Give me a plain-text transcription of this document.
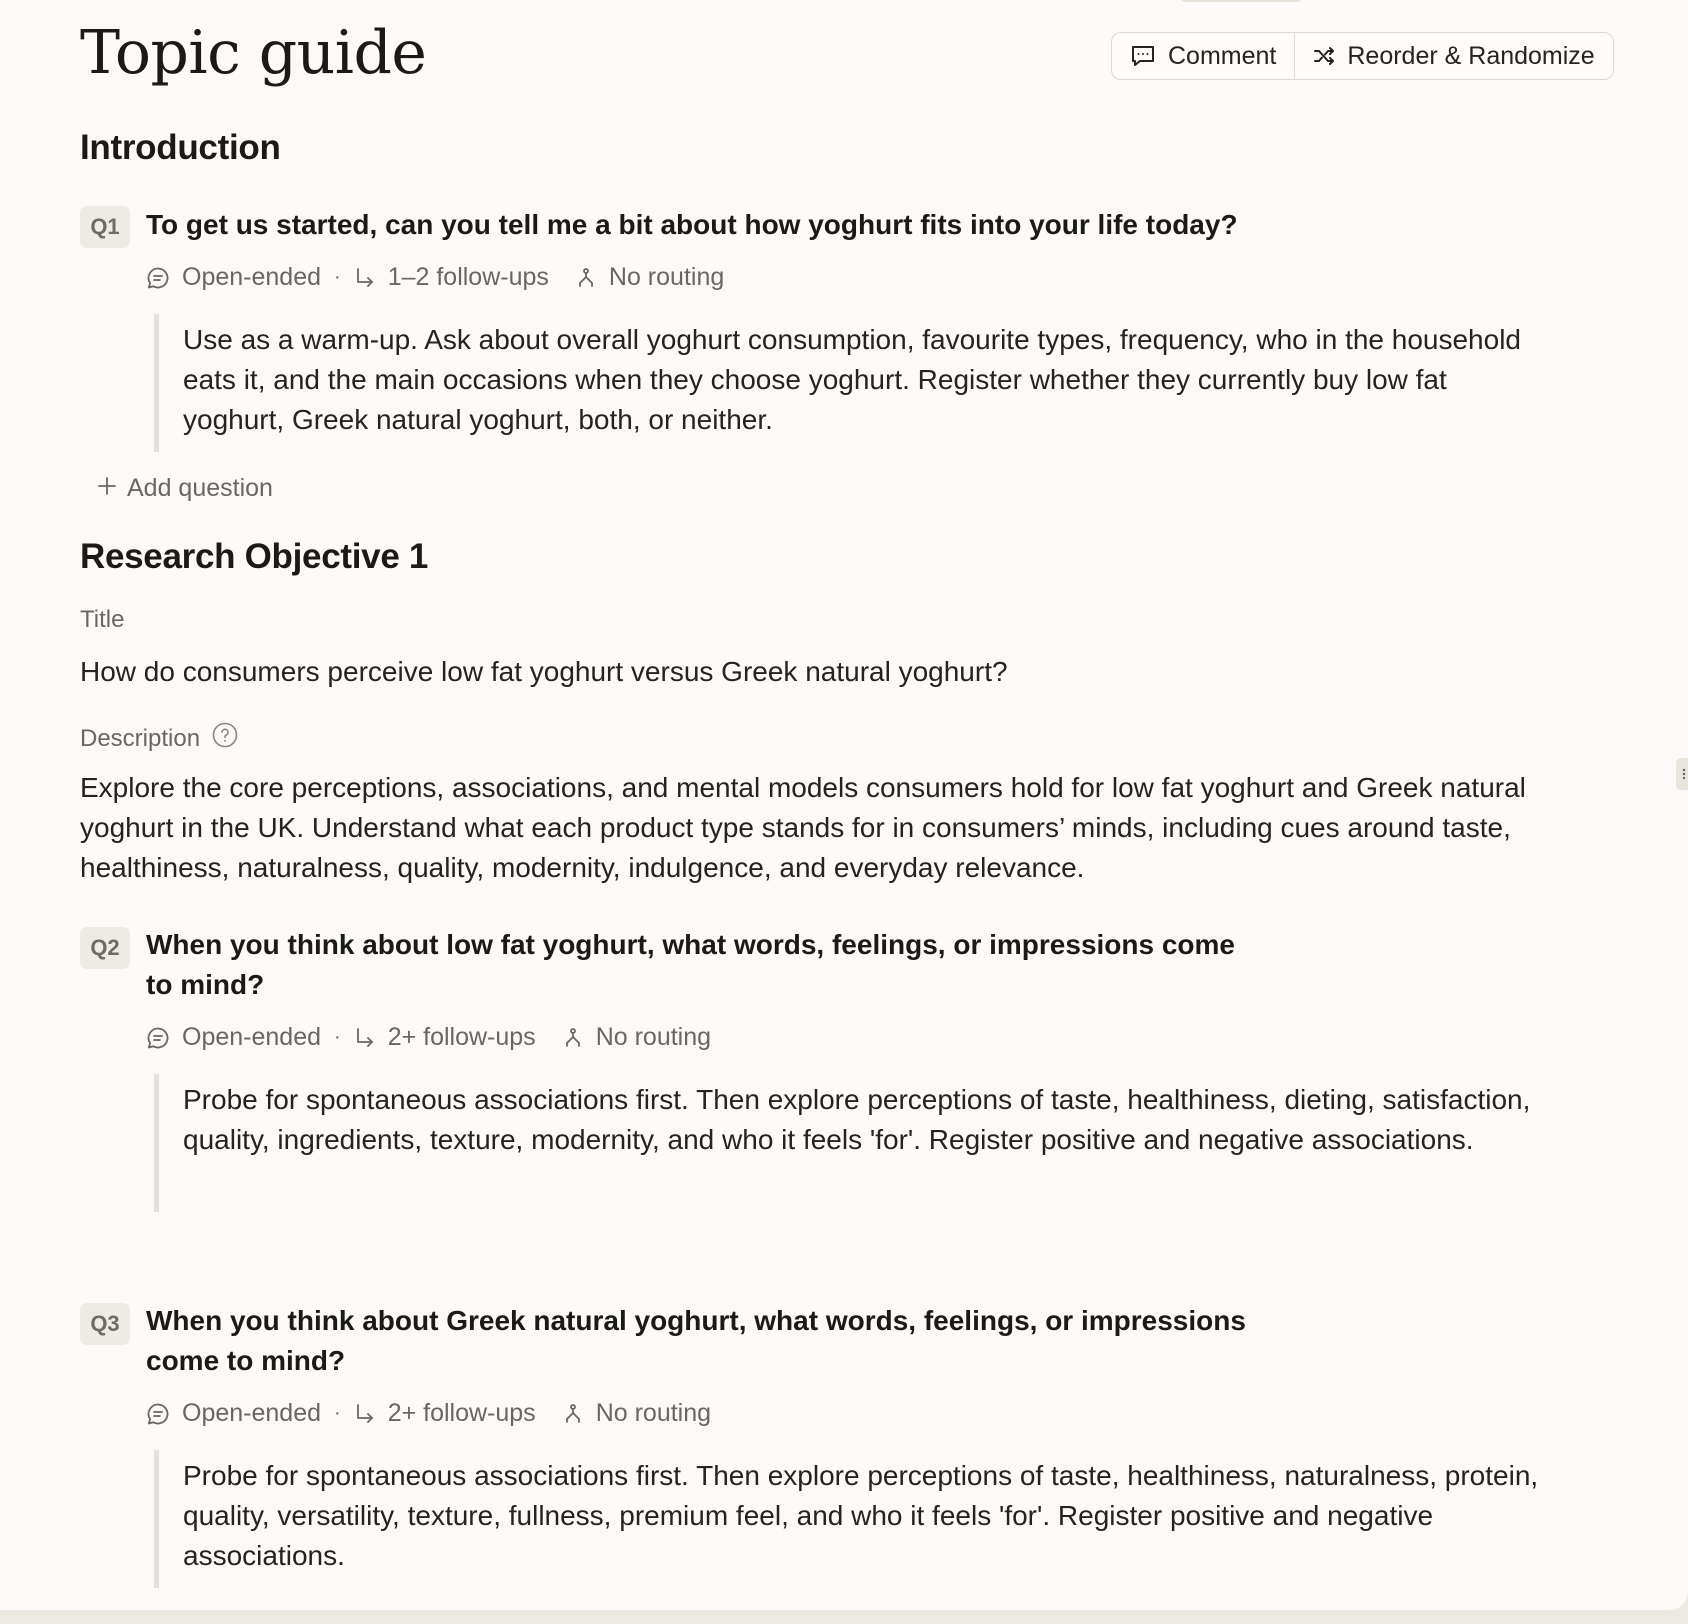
Topic guide	Comment	Reorder & Randomize
Introduction
Q1 To get us started, can you tell me a bit about how yoghurt fits into your life today?

Open-ended · 1–2 follow-ups No routing
Use as a warm-up. Ask about overall yoghurt consumption, favourite types, frequency, who in the household eats it, and the main occasions when they choose yoghurt. Register whether they currently buy low fat yoghurt, Greek natural yoghurt, both, or neither.
Add question
Research Objective 1
Title

How do consumers perceive low fat yoghurt versus Greek natural yoghurt?

Description

Explore the core perceptions, associations, and mental models consumers hold for low fat yoghurt and Greek natural yoghurt in the UK. Understand what each product type stands for in consumers’ minds, including cues around taste, healthiness, naturalness, quality, modernity, indulgence, and everyday relevance.

Q2 When you think about low fat yoghurt, what words, feelings, or impressions come to mind?

Open-ended · 2+ follow-ups No routing
Probe for spontaneous associations first. Then explore perceptions of taste, healthiness, dieting, satisfaction, quality, ingredients, texture, modernity, and who it feels 'for'. Register positive and negative associations.
Q3 When you think about Greek natural yoghurt, what words, feelings, or impressions come to mind?

Open-ended · 2+ follow-ups No routing
Probe for spontaneous associations first. Then explore perceptions of taste, healthiness, naturalness, protein, quality, versatility, texture, fullness, premium feel, and who it feels 'for'. Register positive and negative associations.
